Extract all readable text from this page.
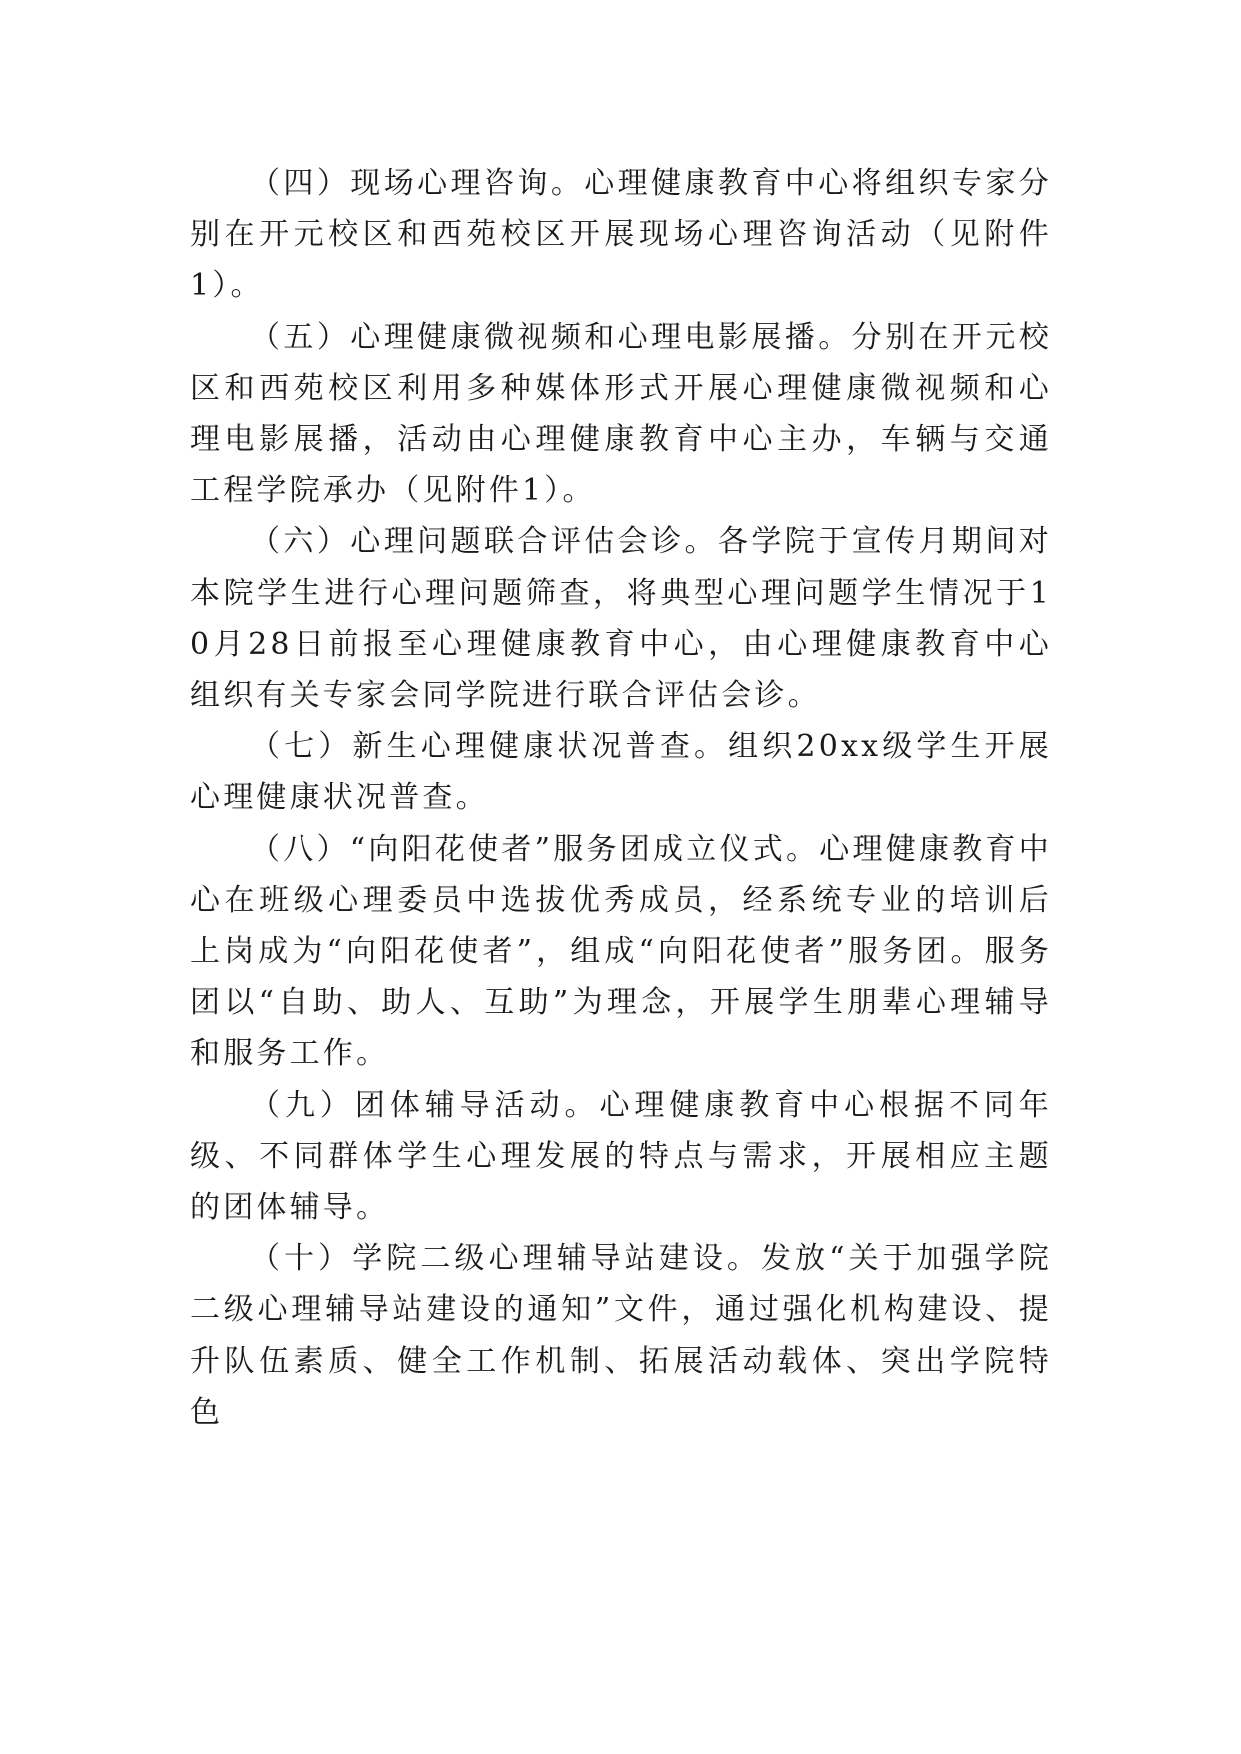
（四）现场心理咨询。心理健康教育中心将组织专家分别在开元校区和西苑校区开展现场心理咨询活动（见附件1）。

（五）心理健康微视频和心理电影展播。分别在开元校区和西苑校区利用多种媒体形式开展心理健康微视频和心理电影展播，活动由心理健康教育中心主办，车辆与交通工程学院承办（见附件1）。

（六）心理问题联合评估会诊。各学院于宣传月期间对本院学生进行心理问题筛查，将典型心理问题学生情况于10月28日前报至心理健康教育中心，由心理健康教育中心组织有关专家会同学院进行联合评估会诊。

（七）新生心理健康状况普查。组织20xx级学生开展心理健康状况普查。

（八）“向阳花使者”服务团成立仪式。心理健康教育中心在班级心理委员中选拔优秀成员，经系统专业的培训后上岗成为“向阳花使者”，组成“向阳花使者”服务团。服务团以“自助、助人、互助”为理念，开展学生朋辈心理辅导和服务工作。

（九）团体辅导活动。心理健康教育中心根据不同年级、不同群体学生心理发展的特点与需求，开展相应主题的团体辅导。

（十）学院二级心理辅导站建设。发放“关于加强学院二级心理辅导站建设的通知”文件，通过强化机构建设、提升队伍素质、健全工作机制、拓展活动载体、突出学院特色
